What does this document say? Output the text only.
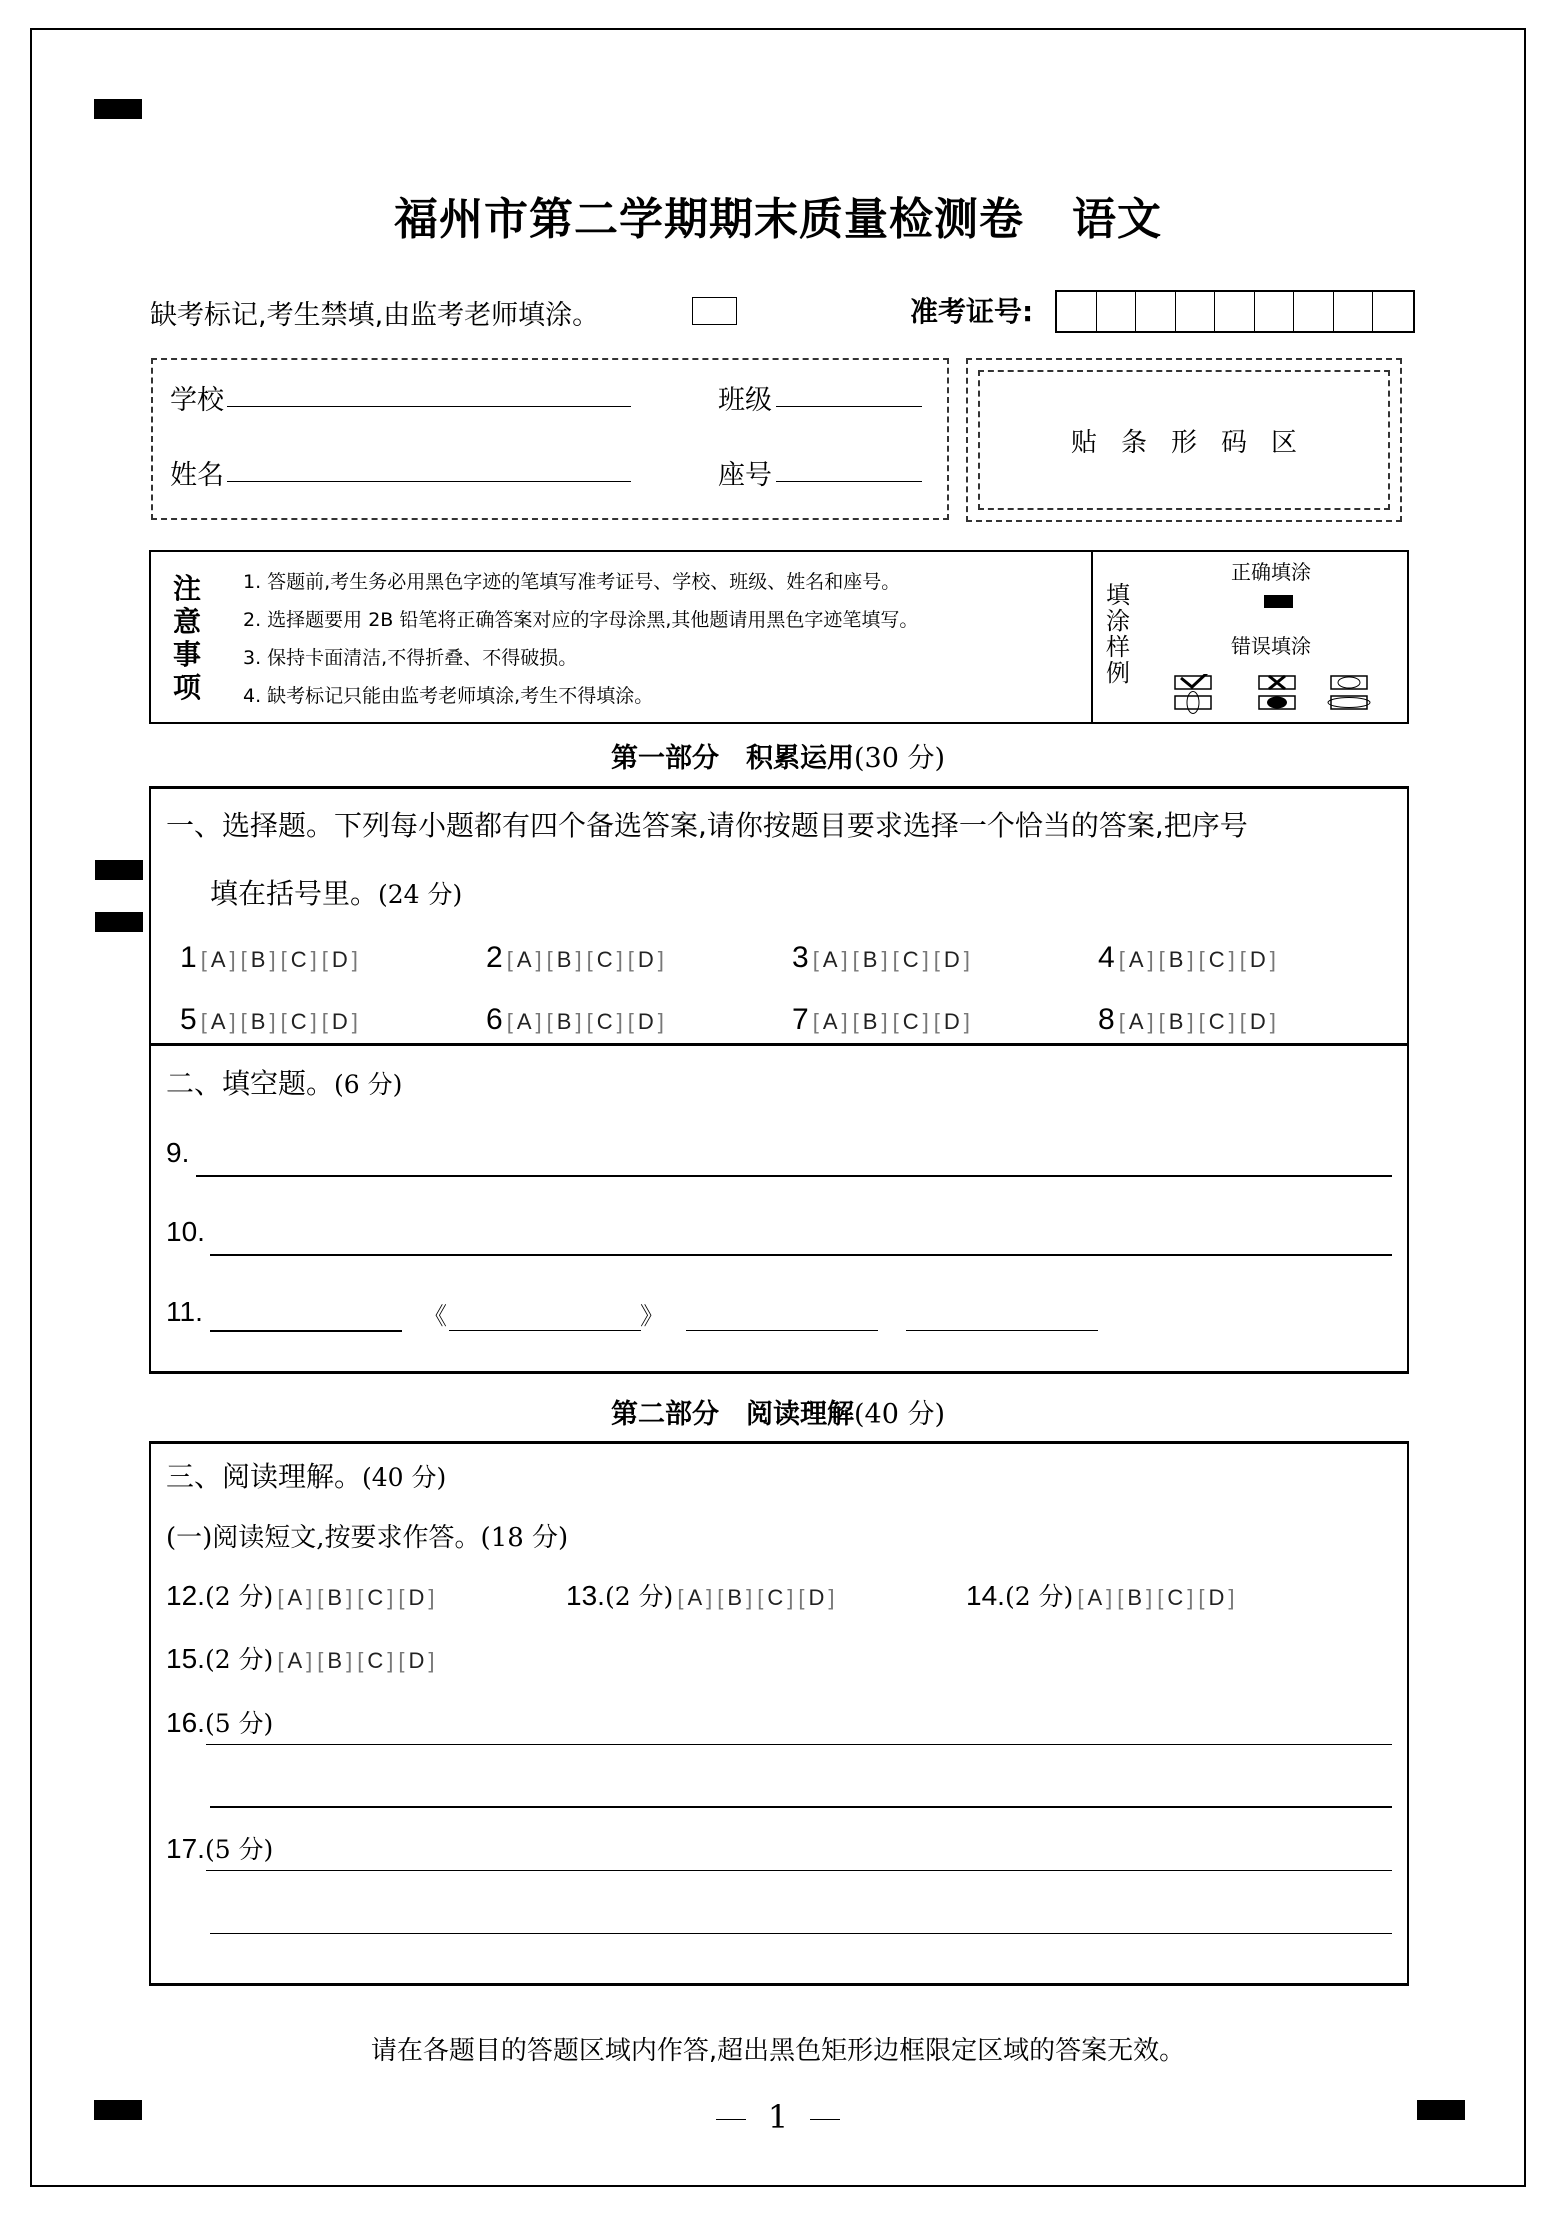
福州市第二学期期末质量检测卷 语文
缺考标记,考生禁填,由监考老师填涂。	准考证号:
学校	班级
姓名	座号
贴条形码区
注
意
事
项
1. 答题前,考生务必用黑色字迹的笔填写准考证号、学校、班级、姓名和座号。
2. 选择题要用 2B 铅笔将正确答案对应的字母涂黑,其他题请用黑色字迹笔填写。
3. 保持卡面清洁,不得折叠、不得破损。
4. 缺考标记只能由监考老师填涂,考生不得填涂。
填
涂
样
例
正确填涂
错误填涂
第一部分　积累运用(30 分)
一、选择题。下列每小题都有四个备选答案,请你按题目要求选择一个恰当的答案,把序号
填在括号里。(24 分)
1 [ A ] [ B ] [ C ] [ D ]	2 [ A ] [ B ] [ C ] [ D ]	3 [ A ] [ B ] [ C ] [ D ]	4 [ A ] [ B ] [ C ] [ D ]
5 [ A ] [ B ] [ C ] [ D ]	6 [ A ] [ B ] [ C ] [ D ]	7 [ A ] [ B ] [ C ] [ D ]	8 [ A ] [ B ] [ C ] [ D ]
二、填空题。(6 分)
9.
10.
11.	《	》
第二部分　阅读理解(40 分)
三、阅读理解。(40 分)
(一)阅读短文,按要求作答。(18 分)
12. (2 分) [ A ] [ B ] [ C ] [ D ]	13. (2 分) [ A ] [ B ] [ C ] [ D ]	14. (2 分) [ A ] [ B ] [ C ] [ D ]
15. (2 分) [ A ] [ B ] [ C ] [ D ]
16.(5 分)
17.(5 分)
请在各题目的答题区域内作答,超出黑色矩形边框限定区域的答案无效。
1
